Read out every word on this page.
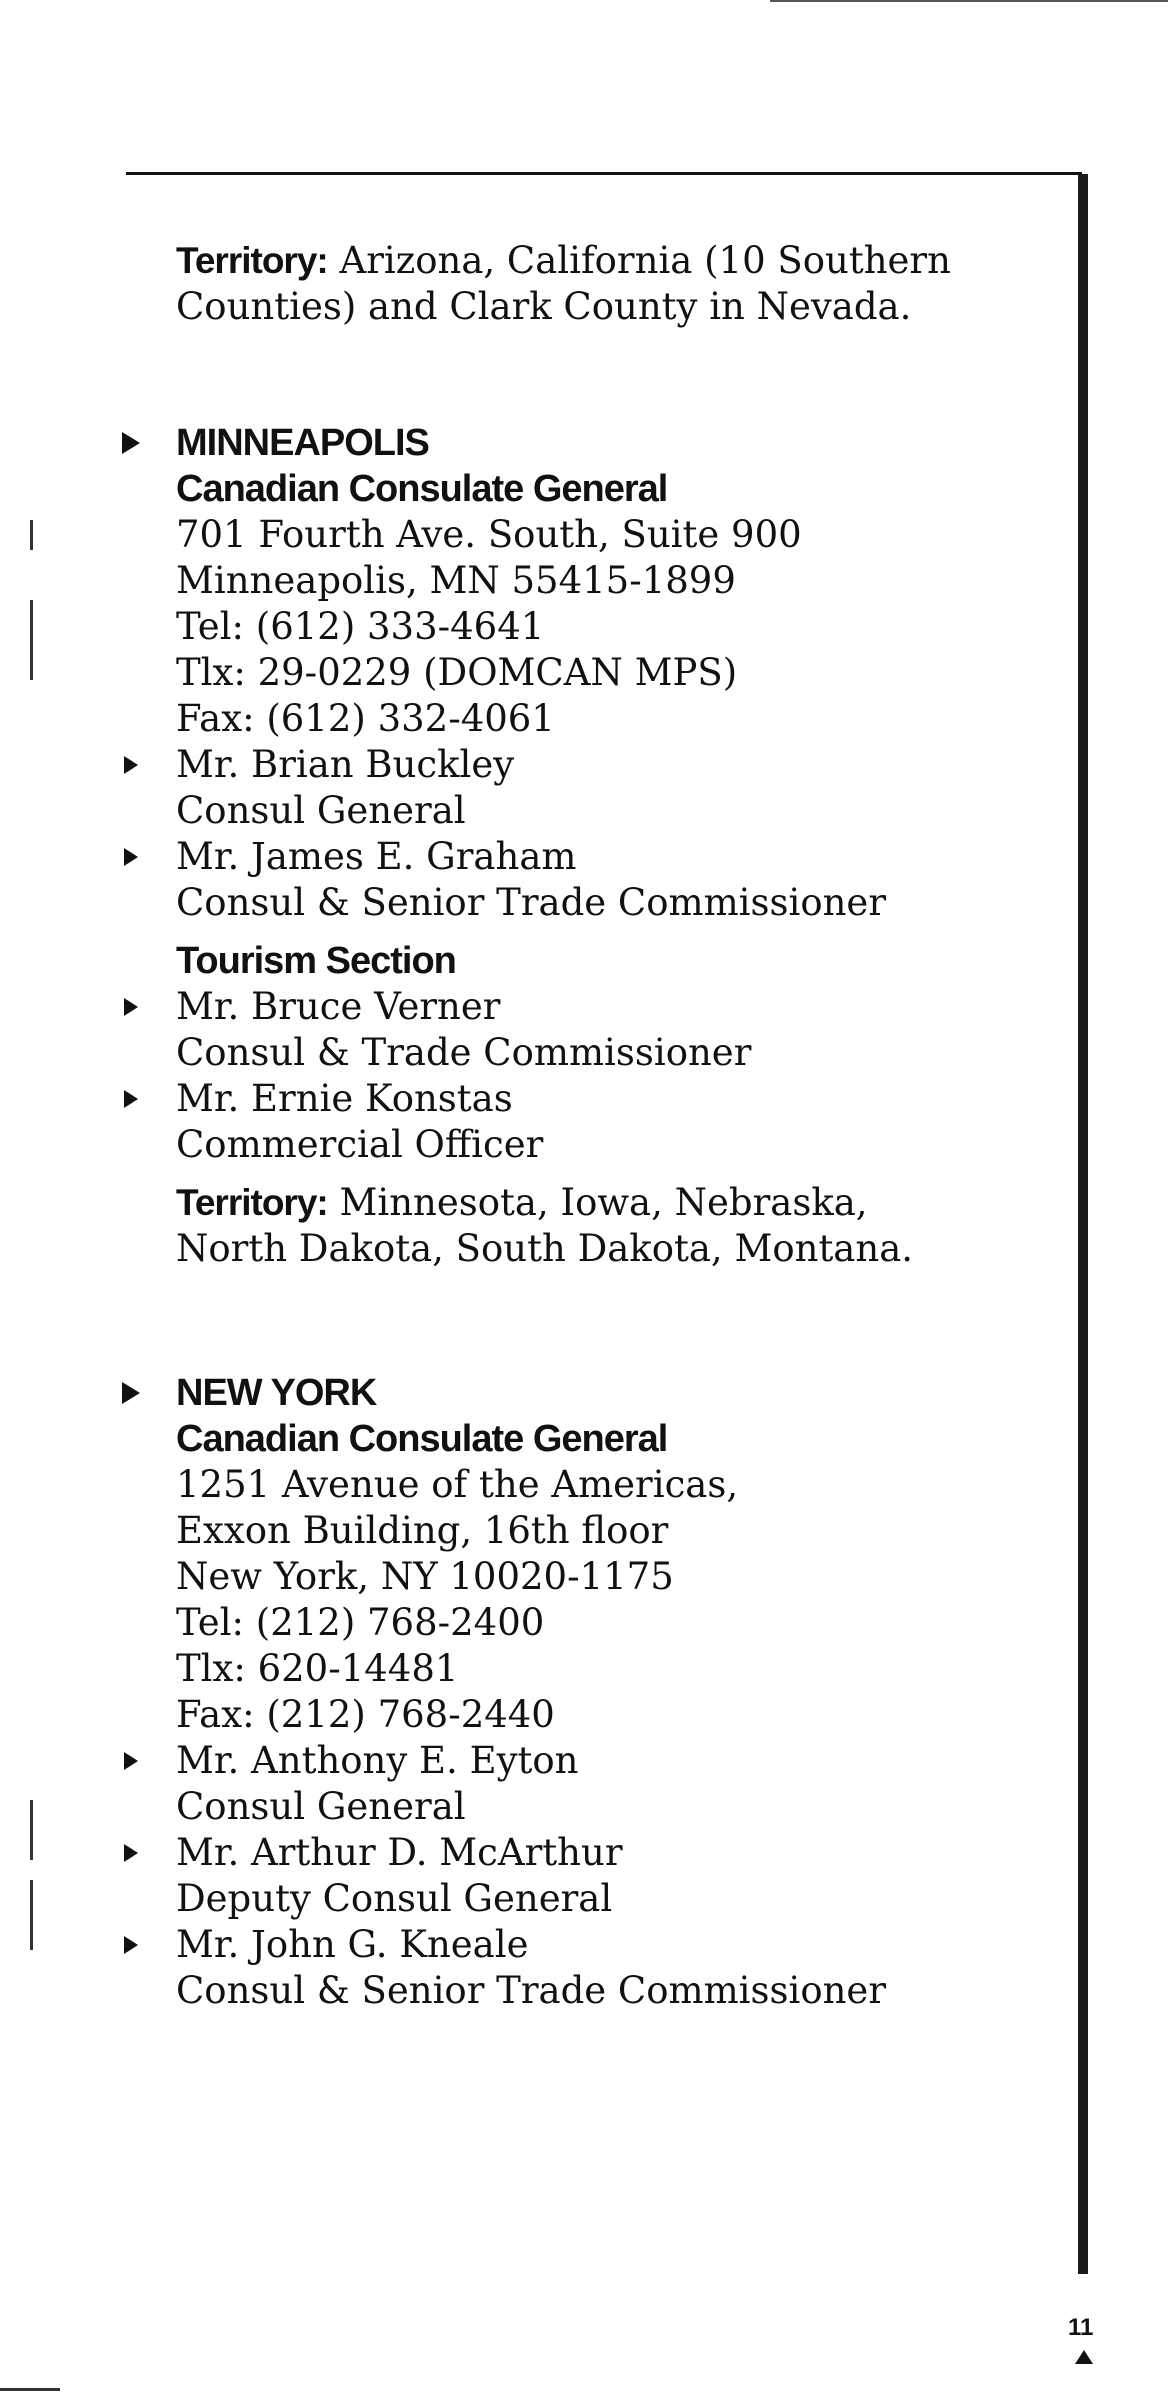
Territory: Arizona, California (10 Southern
Counties) and Clark County in Nevada.
MINNEAPOLIS
Canadian Consulate General
701 Fourth Ave. South, Suite 900
Minneapolis, MN 55415-1899
Tel: (612) 333-4641
Tlx: 29-0229 (DOMCAN MPS)
Fax: (612) 332-4061
Mr. Brian Buckley
Consul General
Mr. James E. Graham
Consul & Senior Trade Commissioner
Tourism Section
Mr. Bruce Verner
Consul & Trade Commissioner
Mr. Ernie Konstas
Commercial Officer
Territory: Minnesota, Iowa, Nebraska,
North Dakota, South Dakota, Montana.
NEW YORK
Canadian Consulate General
1251 Avenue of the Americas,
Exxon Building, 16th floor
New York, NY 10020-1175
Tel: (212) 768-2400
Tlx: 620-14481
Fax: (212) 768-2440
Mr. Anthony E. Eyton
Consul General
Mr. Arthur D. McArthur
Deputy Consul General
Mr. John G. Kneale
Consul & Senior Trade Commissioner
11
